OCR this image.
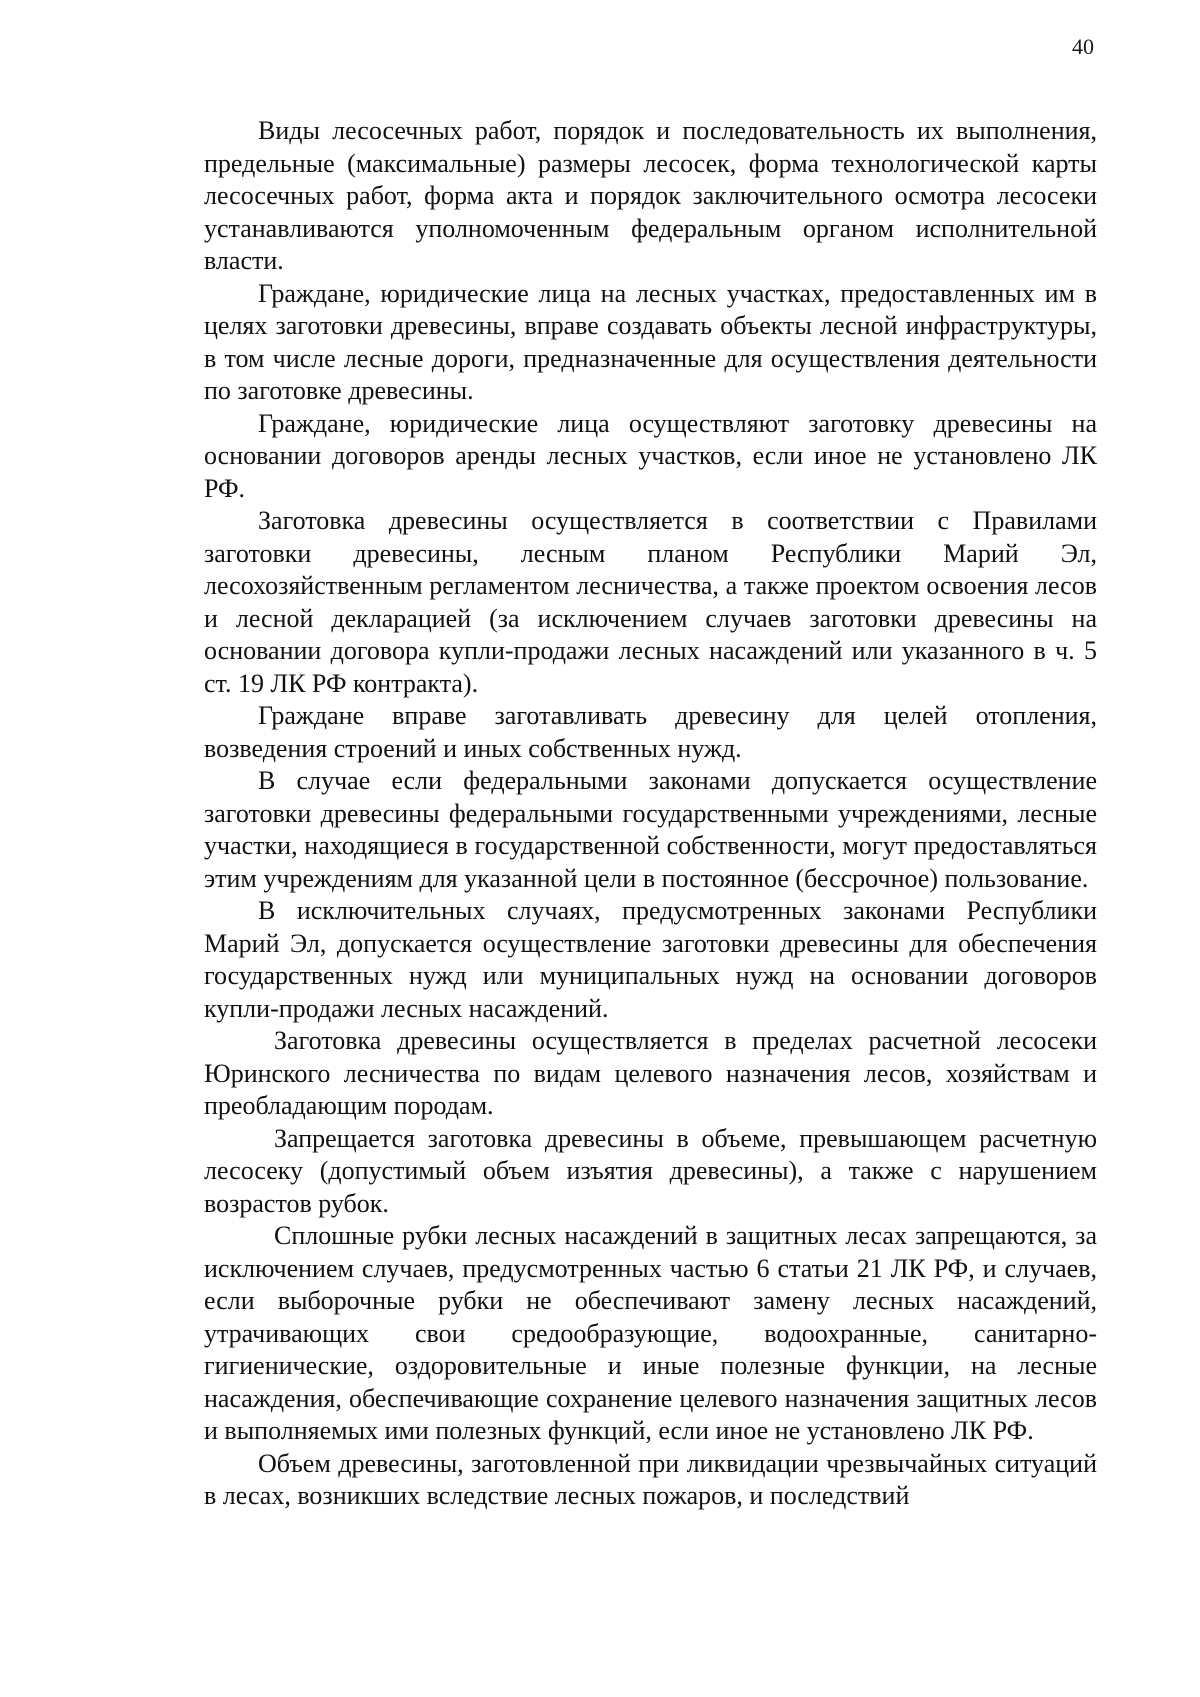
40

Виды лесосечных работ, порядок и последовательность их выполнения, предельные (максимальные) размеры лесосек, форма технологической карты лесосечных работ, форма акта и порядок заключительного осмотра лесосеки устанавливаются уполномоченным федеральным органом исполнительной власти.

Граждане, юридические лица на лесных участках, предоставленных им в целях заготовки древесины, вправе создавать объекты лесной инфраструктуры, в том числе лесные дороги, предназначенные для осуществления деятельности по заготовке древесины.

Граждане, юридические лица осуществляют заготовку древесины на основании договоров аренды лесных участков, если иное не установлено ЛК РФ.

Заготовка древесины осуществляется в соответствии с Правилами заготовки древесины, лесным планом Республики Марий Эл, лесохозяйственным регламентом лесничества, а также проектом освоения лесов и лесной декларацией (за исключением случаев заготовки древесины на основании договора купли-продажи лесных насаждений или указанного в ч. 5 ст. 19 ЛК РФ контракта).

Граждане вправе заготавливать древесину для целей отопления, возведения строений и иных собственных нужд.

В случае если федеральными законами допускается осуществление заготовки древесины федеральными государственными учреждениями, лесные участки, находящиеся в государственной собственности, могут предоставляться этим учреждениям для указанной цели в постоянное (бессрочное) пользование.

В исключительных случаях, предусмотренных законами Республики Марий Эл, допускается осуществление заготовки древесины для обеспечения государственных нужд или муниципальных нужд на основании договоров купли-продажи лесных насаждений.

Заготовка древесины осуществляется в пределах расчетной лесосеки Юринского лесничества по видам целевого назначения лесов, хозяйствам и преобладающим породам.

Запрещается заготовка древесины в объеме, превышающем расчетную лесосеку (допустимый объем изъятия древесины), а также с нарушением возрастов рубок.

Сплошные рубки лесных насаждений в защитных лесах запрещаются, за исключением случаев, предусмотренных частью 6 статьи 21 ЛК РФ, и случаев, если выборочные рубки не обеспечивают замену лесных насаждений, утрачивающих свои средообразующие, водоохранные, санитарно-гигиенические, оздоровительные и иные полезные функции, на лесные насаждения, обеспечивающие сохранение целевого назначения защитных лесов и выполняемых ими полезных функций, если иное не установлено ЛК РФ.

Объем древесины, заготовленной при ликвидации чрезвычайных ситуаций в лесах, возникших вследствие лесных пожаров, и последствий
